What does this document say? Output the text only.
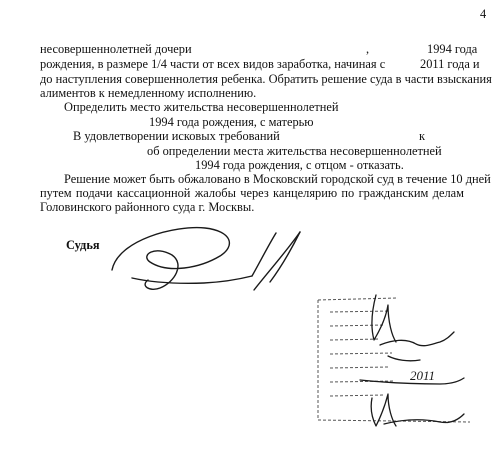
4
несовершеннолетней дочери	,	1994 года
рождения, в размере 1/4 части от всех видов заработка, начиная с	2011 года и
до наступления совершеннолетия ребенка. Обратить решение суда в части взыскания
алиментов к немедленному исполнению.
Определить место жительства несовершеннолетней
1994 года рождения, с матерью
В удовлетворении исковых требований	к
об определении места жительства несовершеннолетней
1994 года рождения, с отцом - отказать.
Решение может быть обжаловано в Московский городской суд в течение 10 дней
путем подачи кассационной жалобы через канцелярию по гражданским делам
Головинского районного суда г. Москвы.
Судья
2011
